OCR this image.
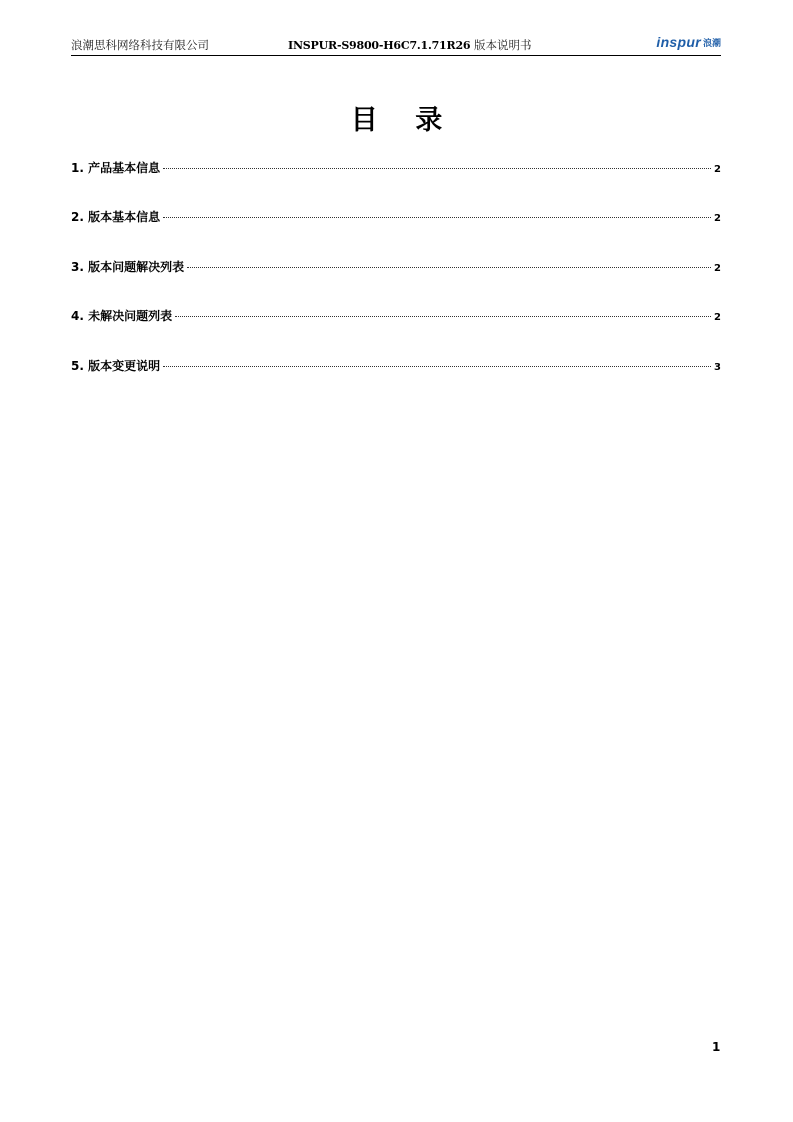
浪潮思科网络科技有限公司	INSPUR-S9800-H6C7.1.71R26 版本说明书	inspur 浪潮
目 录
1.
产品基本信息	2
2.
版本基本信息	2
3.
版本问题解决列表	2
4.
未解决问题列表	2
5.
版本变更说明	3
1
